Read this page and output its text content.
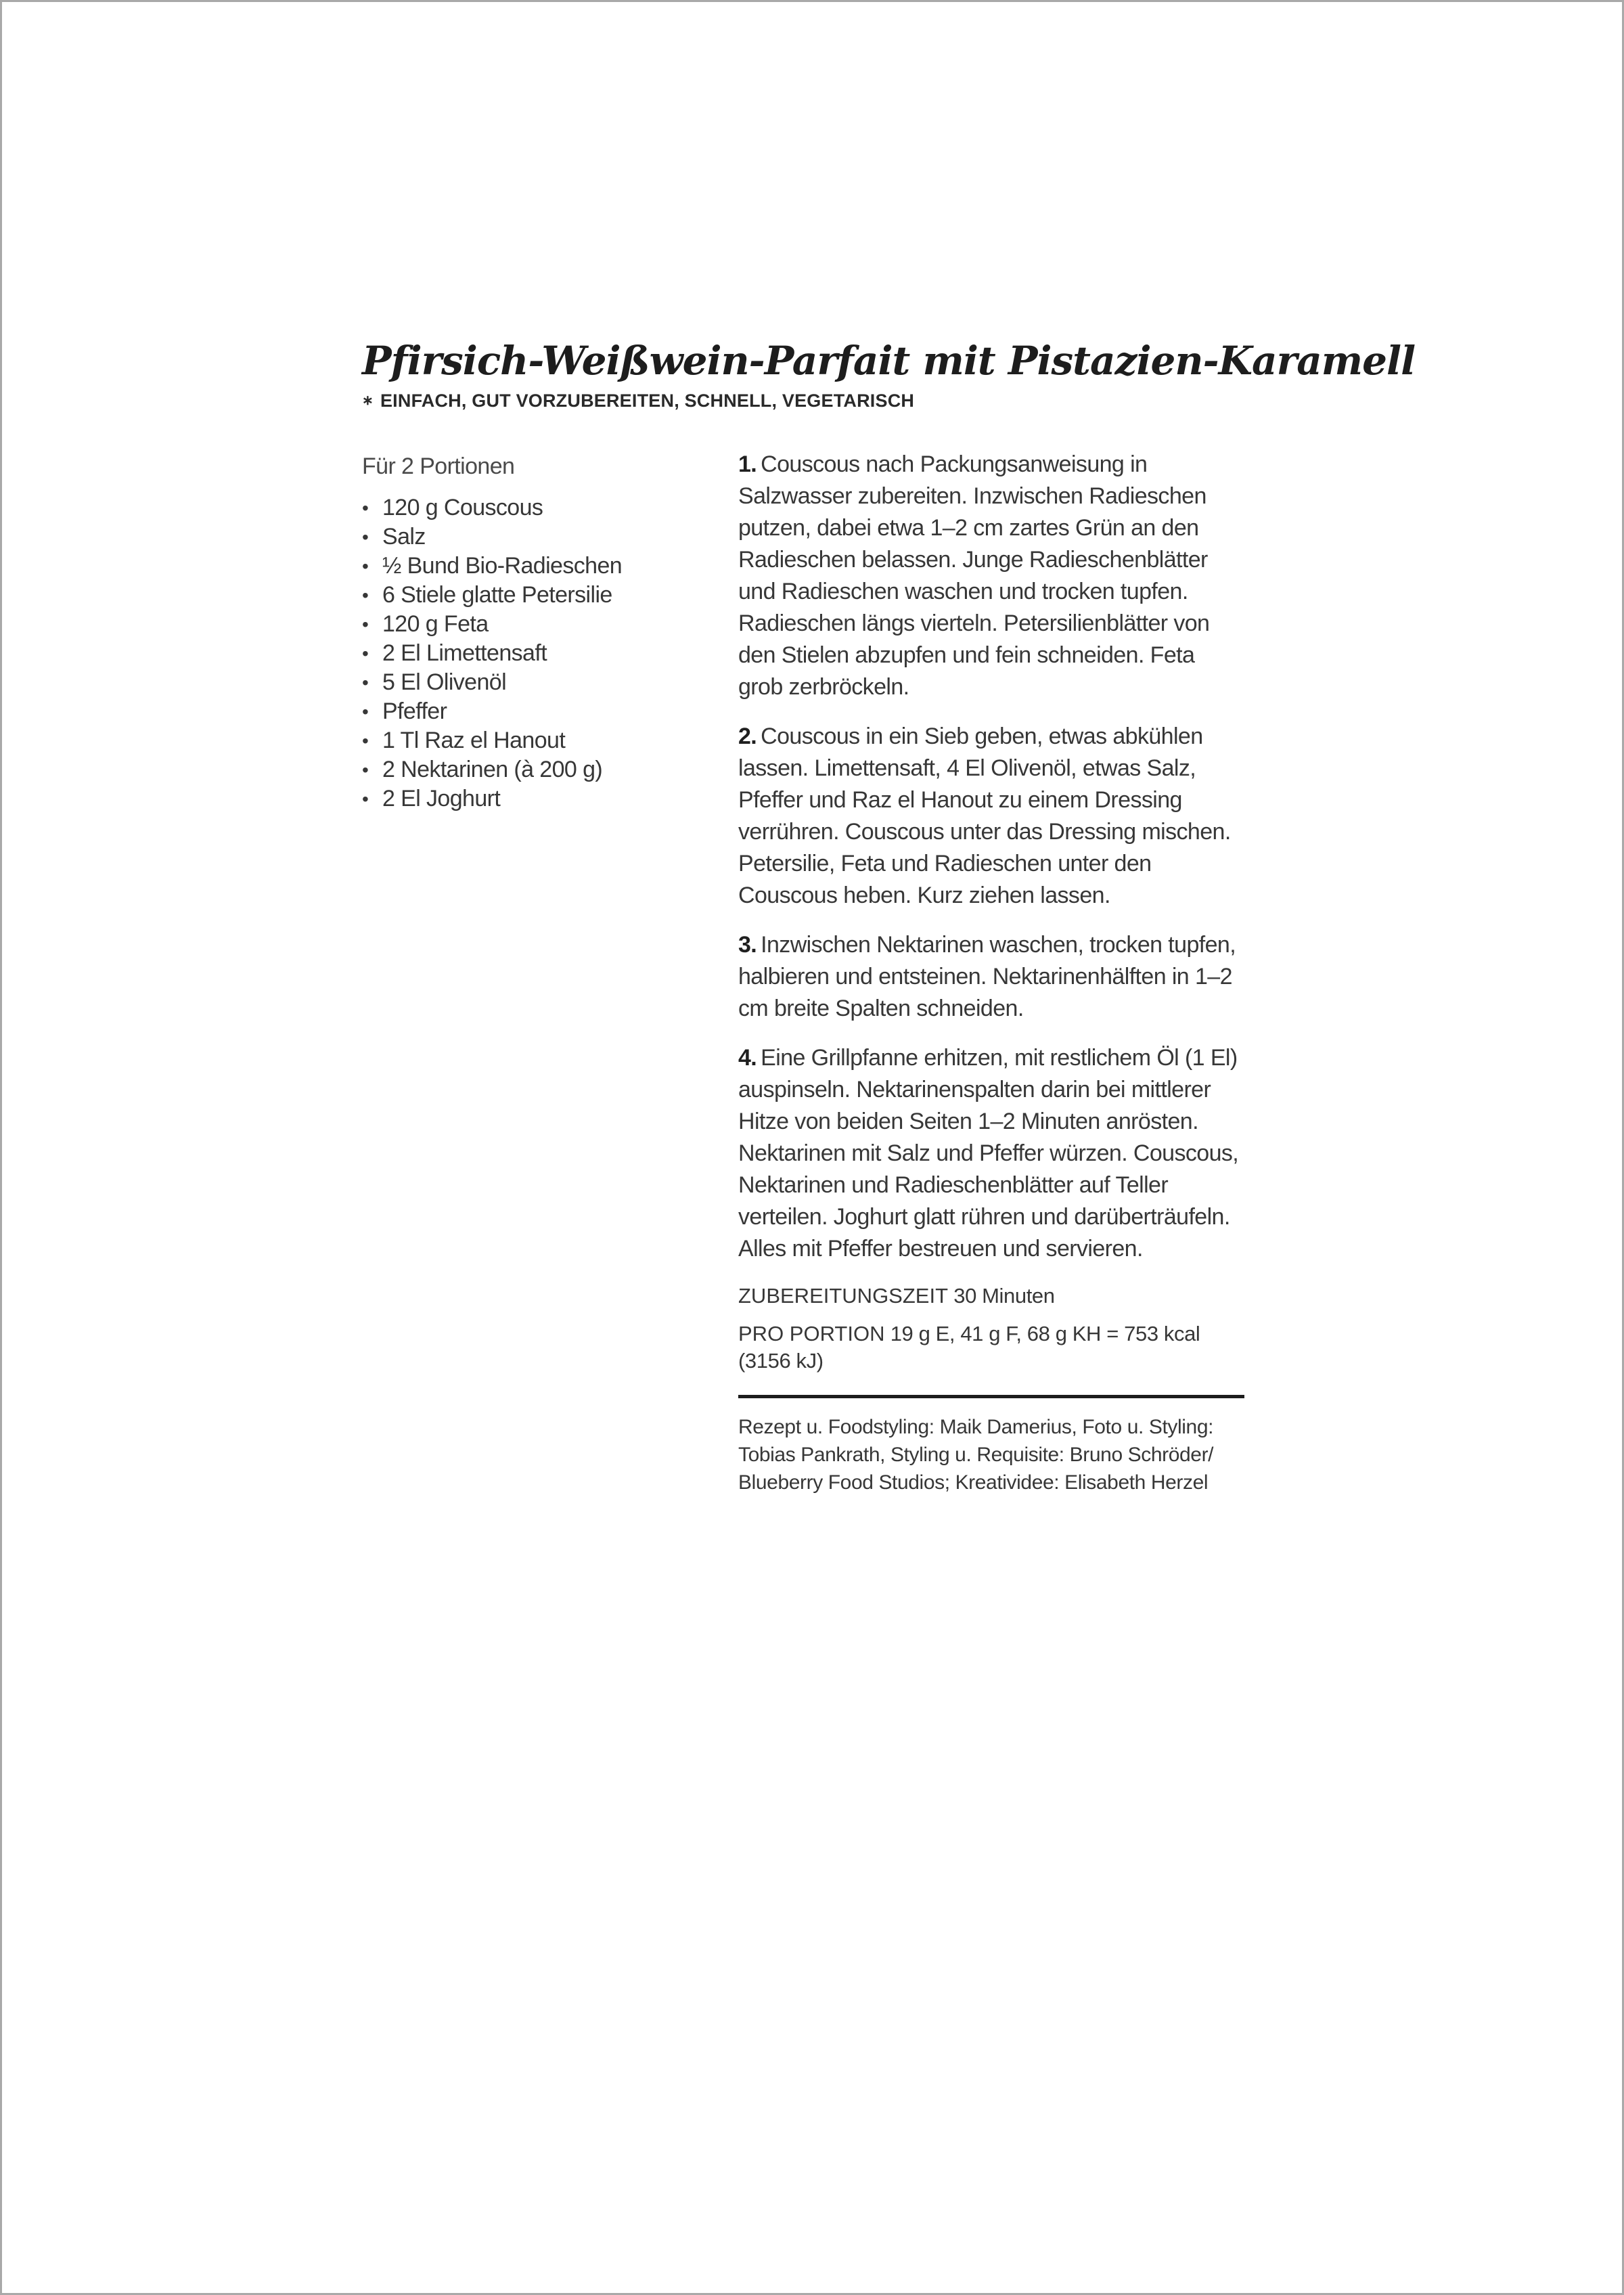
Pfirsich-Weißwein-Parfait mit Pistazien-Karamell
∗ EINFACH, GUT VORZUBEREITEN, SCHNELL, VEGETARISCH

Für 2 Portionen

• 120 g Couscous
• Salz
• ½ Bund Bio-Radieschen
• 6 Stiele glatte Petersilie
• 120 g Feta
• 2 El Limettensaft
• 5 El Olivenöl
• Pfeffer
• 1 Tl Raz el Hanout
• 2 Nektarinen (à 200 g)
• 2 El Joghurt

1. Couscous nach Packungsanweisung in Salzwasser zubereiten. Inzwischen Radieschen putzen, dabei etwa 1–2 cm zartes Grün an den Radieschen belassen. Junge Radieschenblätter und Radieschen waschen und trocken tupfen. Radieschen längs vierteln. Petersilienblätter von den Stielen abzupfen und fein schneiden. Feta grob zerbröckeln.

2. Couscous in ein Sieb geben, etwas abkühlen lassen. Limettensaft, 4 El Olivenöl, etwas Salz, Pfeffer und Raz el Hanout zu einem Dressing verrühren. Couscous unter das Dressing mischen. Petersilie, Feta und Radieschen unter den Couscous heben. Kurz ziehen lassen.

3. Inzwischen Nektarinen waschen, trocken tupfen, halbieren und entsteinen. Nektarinenhälften in 1–2 cm breite Spalten schneiden.

4. Eine Grillpfanne erhitzen, mit restlichem Öl (1 El) auspinseln. Nektarinenspalten darin bei mittlerer Hitze von beiden Seiten 1–2 Minuten anrösten. Nektarinen mit Salz und Pfeffer würzen. Couscous, Nektarinen und Radieschenblätter auf Teller verteilen. Joghurt glatt rühren und darüberträufeln. Alles mit Pfeffer bestreuen und servieren.

ZUBEREITUNGSZEIT 30 Minuten

PRO PORTION 19 g E, 41 g F, 68 g KH = 753 kcal (3156 kJ)

Rezept u. Foodstyling: Maik Damerius, Foto u. Styling: Tobias Pankrath, Styling u. Requisite: Bruno Schröder/ Blueberry Food Studios; Kreatividee: Elisabeth Herzel
